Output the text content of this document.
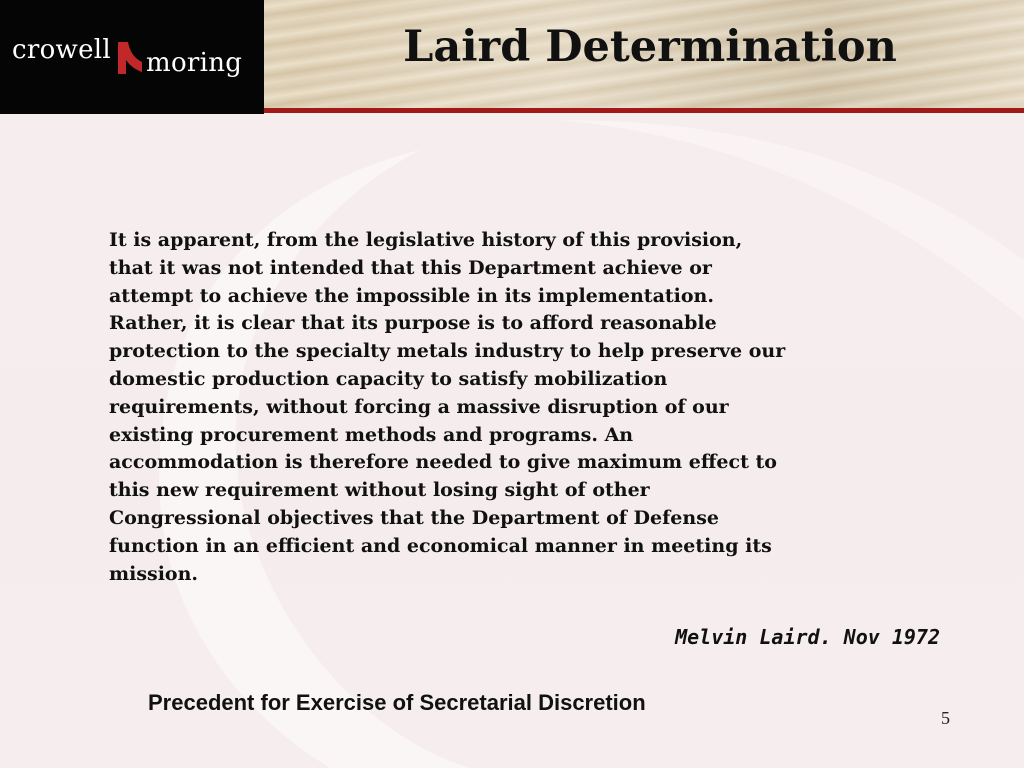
crowell moring	Laird Determination

It is apparent, from the legislative history of this provision,
that it was not intended that this Department achieve or
attempt to achieve the impossible in its implementation.
Rather, it is clear that its purpose is to afford reasonable
protection to the specialty metals industry to help preserve our
domestic production capacity to satisfy mobilization
requirements, without forcing a massive disruption of our
existing procurement methods and programs. An
accommodation is therefore needed to give maximum effect to
this new requirement without losing sight of other
Congressional objectives that the Department of Defense
function in an efficient and economical manner in meeting its
mission.

Melvin Laird. Nov 1972
Precedent for Exercise of Secretarial Discretion
5
